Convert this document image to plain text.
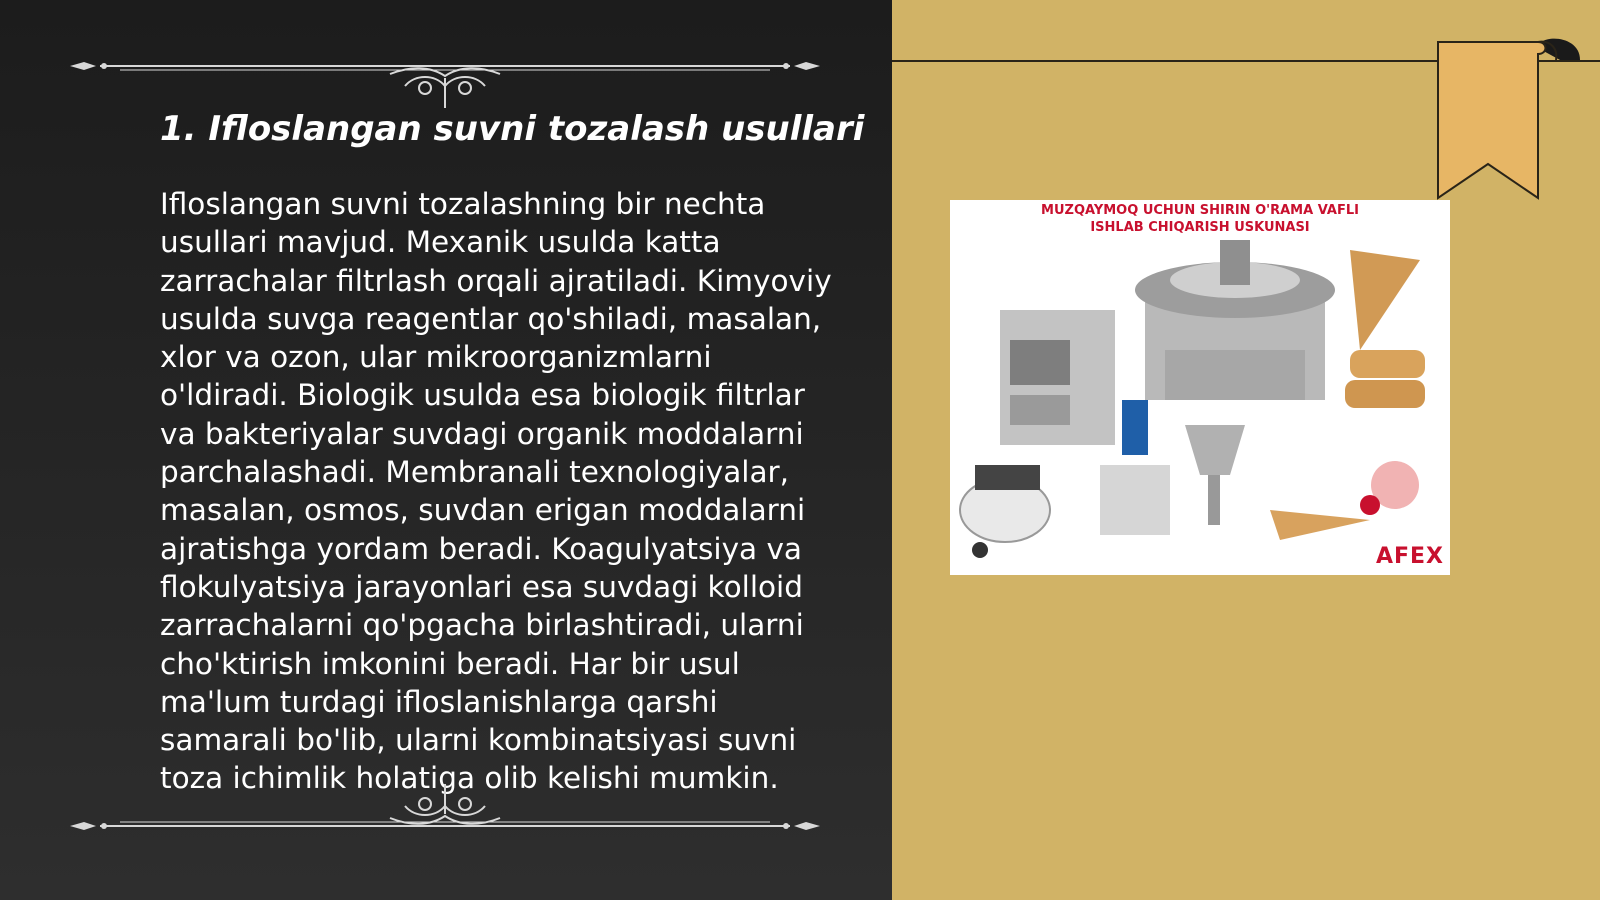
1. Ifloslangan suvni tozalash usullari

Ifloslangan suvni tozalashning bir nechta usullari mavjud. Mexanik usulda katta zarrachalar filtrlash orqali ajratiladi. Kimyoviy usulda suvga reagentlar qo'shiladi, masalan, xlor va ozon, ular mikroorganizmlarni o'ldiradi. Biologik usulda esa biologik filtrlar va bakteriyalar suvdagi organik moddalarni parchalashadi. Membranali texnologiyalar, masalan, osmos, suvdan erigan moddalarni ajratishga yordam beradi. Koagulyatsiya va flokulyatsiya jarayonlari esa suvdagi kolloid zarrachalarni qo'pgacha birlashtiradi, ularni cho'ktirish imkonini beradi. Har bir usul ma'lum turdagi ifloslanishlarga qarshi samarali bo'lib, ularni kombinatsiyasi suvni toza ichimlik holatiga olib kelishi mumkin.

MUZQAYMOQ UCHUN SHIRIN O'RAMA VAFLI
ISHLAB CHIQARISH USKUNASI

AFEX
